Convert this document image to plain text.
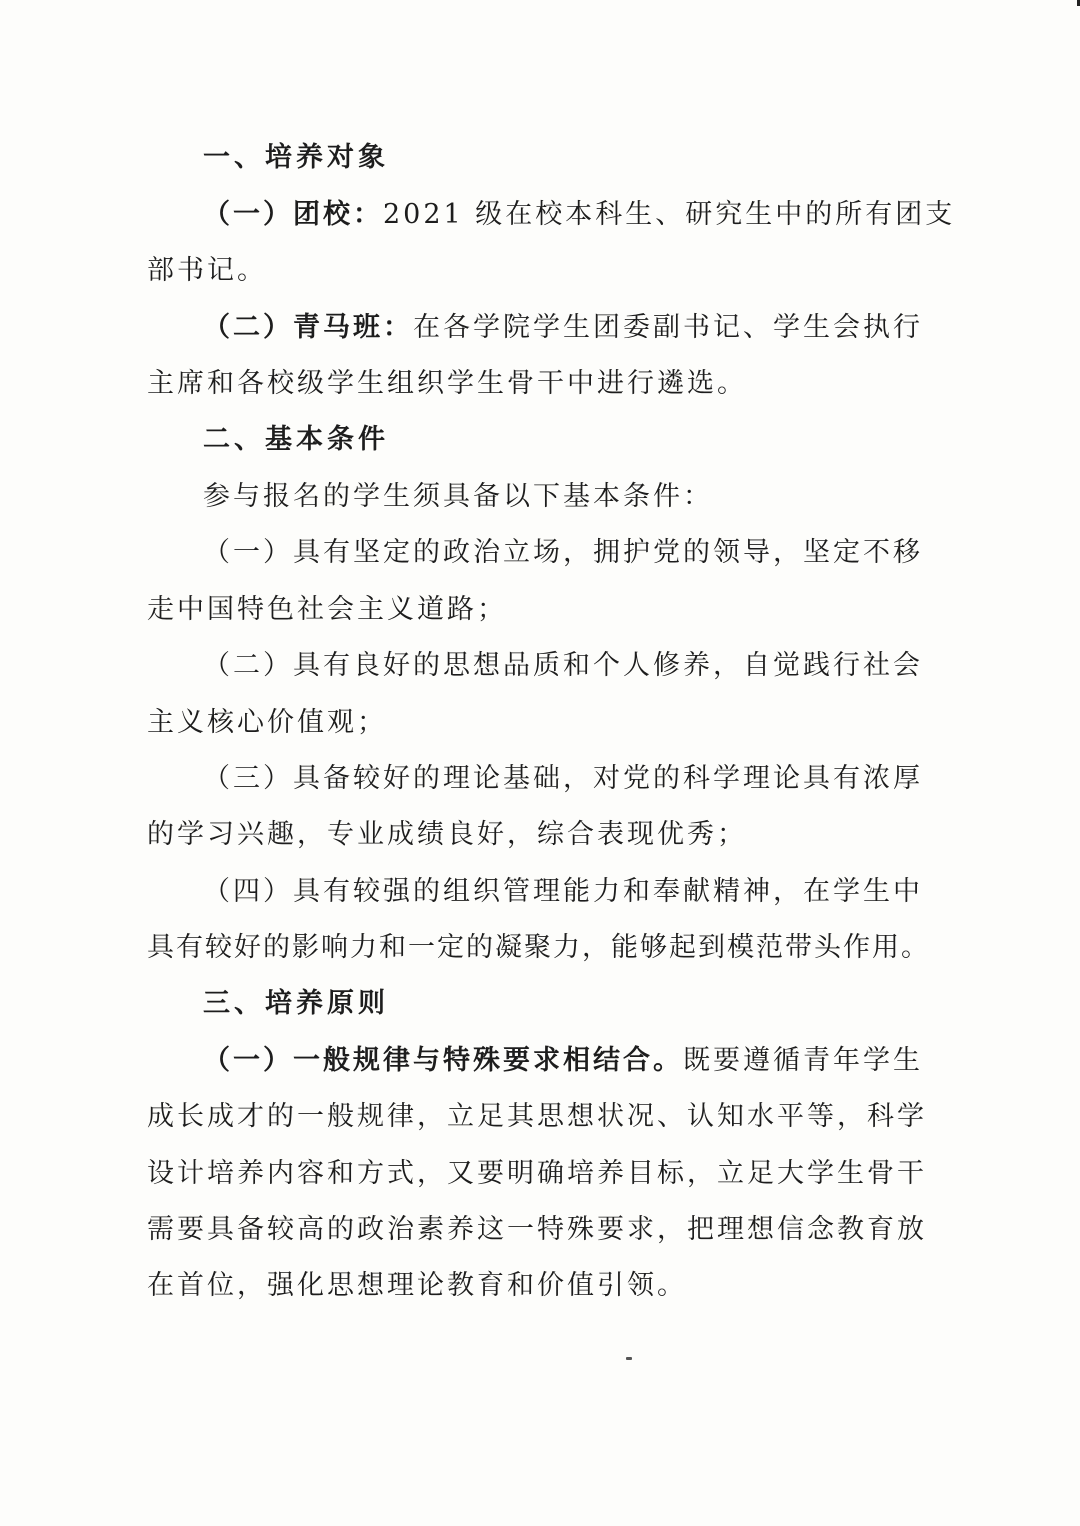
一、培养对象
（一）团校：2021 级在校本科生、研究生中的所有团支
部书记。
（二）青马班：在各学院学生团委副书记、学生会执行
主席和各校级学生组织学生骨干中进行遴选。
二、基本条件
参与报名的学生须具备以下基本条件：
（一）具有坚定的政治立场，拥护党的领导，坚定不移
走中国特色社会主义道路；
（二）具有良好的思想品质和个人修养，自觉践行社会
主义核心价值观；
（三）具备较好的理论基础，对党的科学理论具有浓厚
的学习兴趣，专业成绩良好，综合表现优秀；
（四）具有较强的组织管理能力和奉献精神，在学生中
具有较好的影响力和一定的凝聚力，能够起到模范带头作用。
三、培养原则
（一）一般规律与特殊要求相结合。既要遵循青年学生
成长成才的一般规律，立足其思想状况、认知水平等，科学
设计培养内容和方式，又要明确培养目标，立足大学生骨干
需要具备较高的政治素养这一特殊要求，把理想信念教育放
在首位，强化思想理论教育和价值引领。
